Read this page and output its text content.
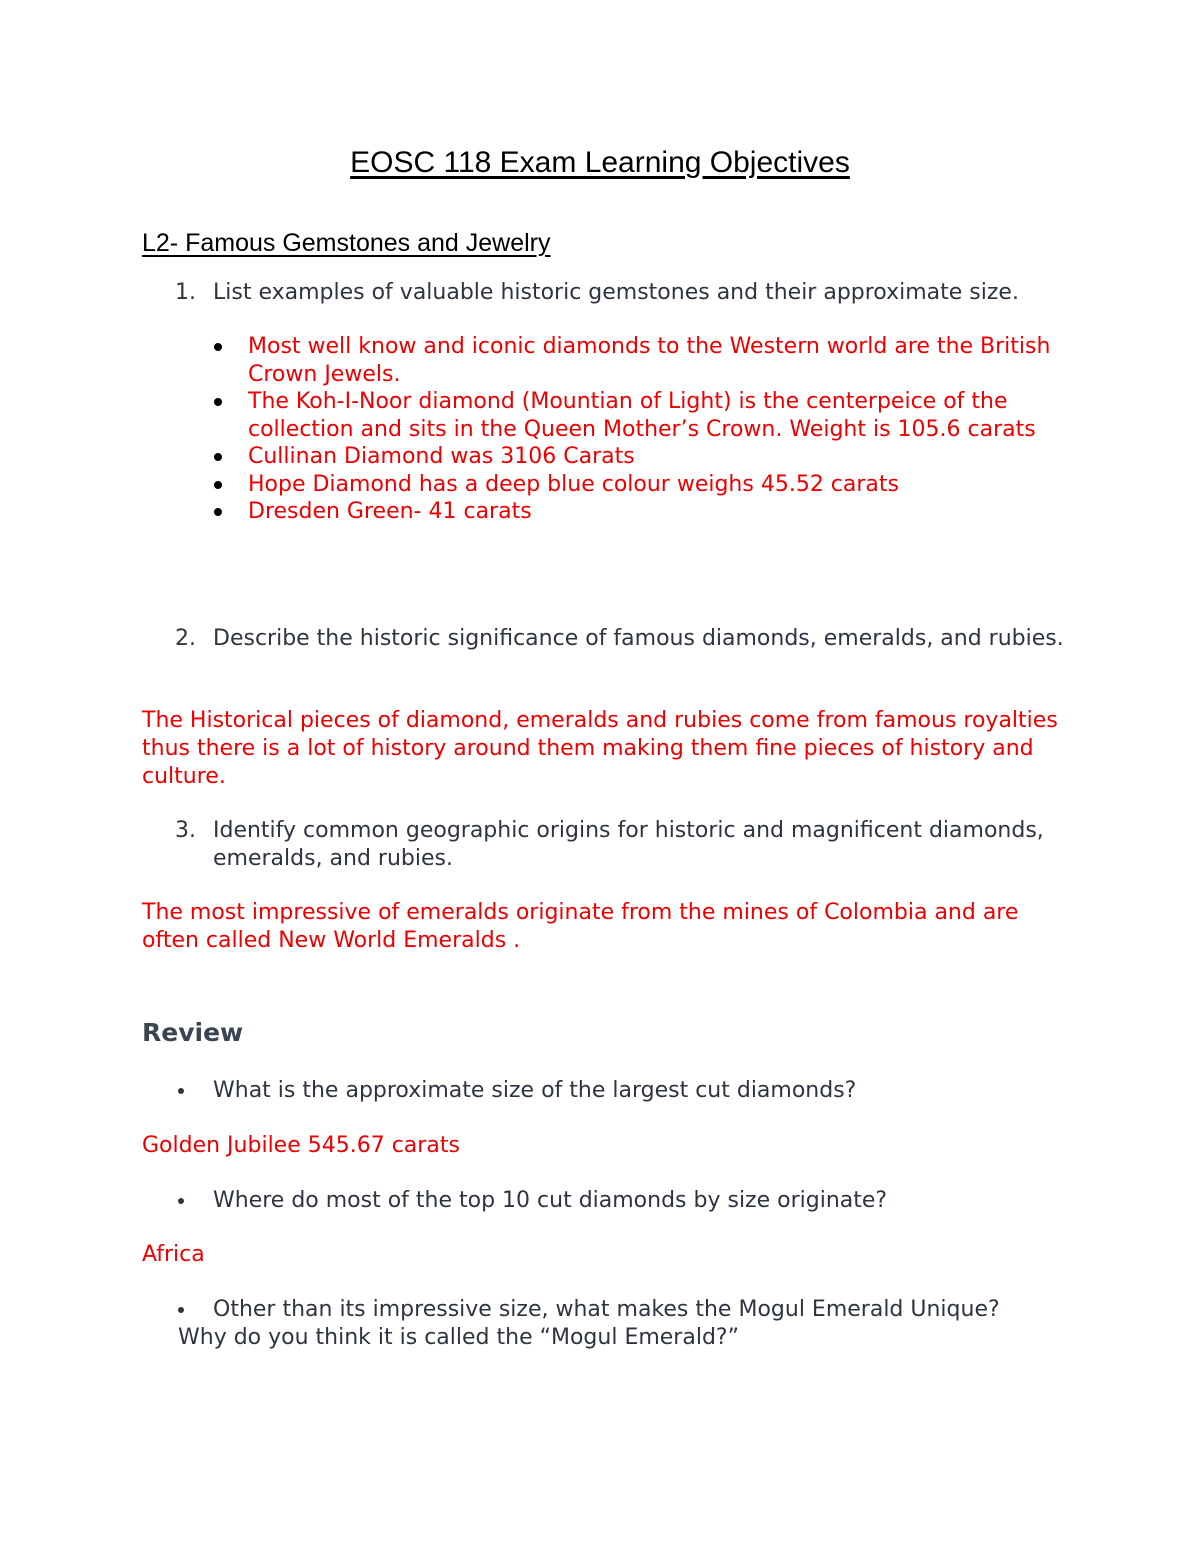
EOSC 118 Exam Learning Objectives
L2- Famous Gemstones and Jewelry
1. List examples of valuable historic gemstones and their approximate size.
Most well know and iconic diamonds to the Western world are the British Crown Jewels.
The Koh-I-Noor diamond (Mountian of Light) is the centerpeice of the collection and sits in the Queen Mother’s Crown. Weight is 105.6 carats
Cullinan Diamond was 3106 Carats
Hope Diamond has a deep blue colour weighs 45.52 carats
Dresden Green- 41 carats
2. Describe the historic significance of famous diamonds, emeralds, and rubies.
The Historical pieces of diamond, emeralds and rubies come from famous royalties thus there is a lot of history around them making them fine pieces of history and culture.
3. Identify common geographic origins for historic and magnificent diamonds, emeralds, and rubies.
The most impressive of emeralds originate from the mines of Colombia and are often called New World Emeralds .
Review
What is the approximate size of the largest cut diamonds?
Golden Jubilee 545.67 carats
Where do most of the top 10 cut diamonds by size originate?
Africa
Other than its impressive size, what makes the Mogul Emerald Unique?
Why do you think it is called the “Mogul Emerald?”
